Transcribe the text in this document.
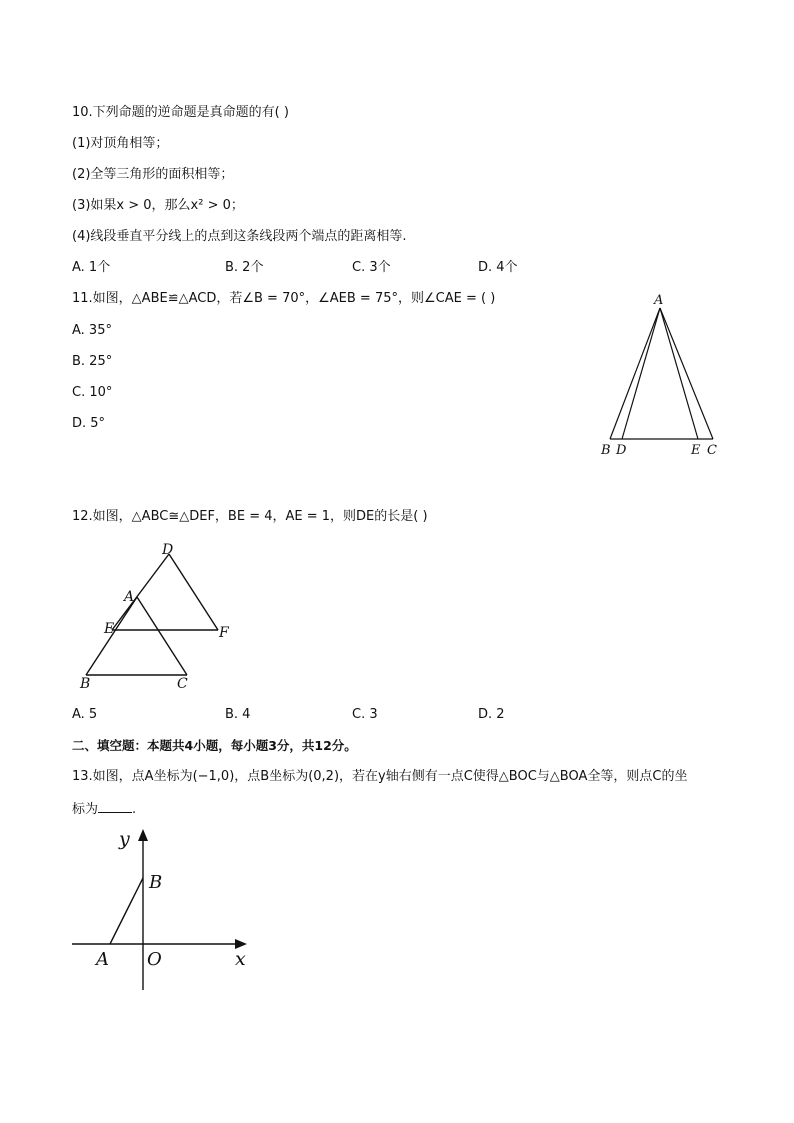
10.下列命题的逆命题是真命题的有( )
(1)对顶角相等；
(2)全等三角形的面积相等；
(3)如果x > 0，那么x² > 0；
(4)线段垂直平分线上的点到这条线段两个端点的距离相等.
A. 1个	B. 2个	C. 3个	D. 4个
11.如图，△ABE≌△ACD，若∠B = 70°，∠AEB = 75°，则∠CAE = ( )
A. 35°
B. 25°
C. 10°
D. 5°
A
B D	E C
12.如图，△ABC≅△DEF，BE = 4，AE = 1，则DE的长是( )
D
A
E	F
B	C
A. 5	B. 4	C. 3	D. 2
二、填空题：本题共4小题，每小题3分，共12分。
13.如图，点A坐标为(−1,0)，点B坐标为(0,2)，若在y轴右侧有一点C使得△BOC与△BOA全等，则点C的坐
标为	.
y
B
A O	x
